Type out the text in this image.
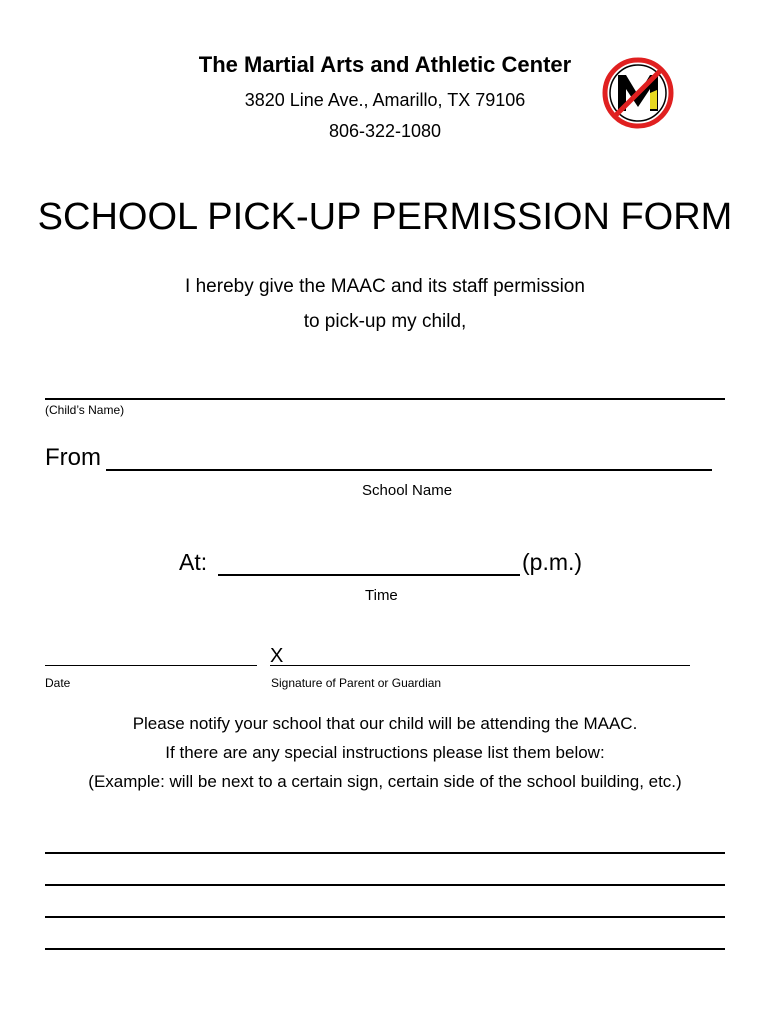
The Martial Arts and Athletic Center
3820 Line Ave., Amarillo, TX 79106
806-322-1080
SCHOOL PICK-UP PERMISSION FORM
I hereby give the MAAC and its staff permission
to pick-up my child,
(Child’s Name)
From
School Name
At:	(p.m.)
Time
X
Date	Signature of Parent or Guardian
Please notify your school that our child will be attending the MAAC.
If there are any special instructions please list them below:
(Example: will be next to a certain sign, certain side of the school building, etc.)
